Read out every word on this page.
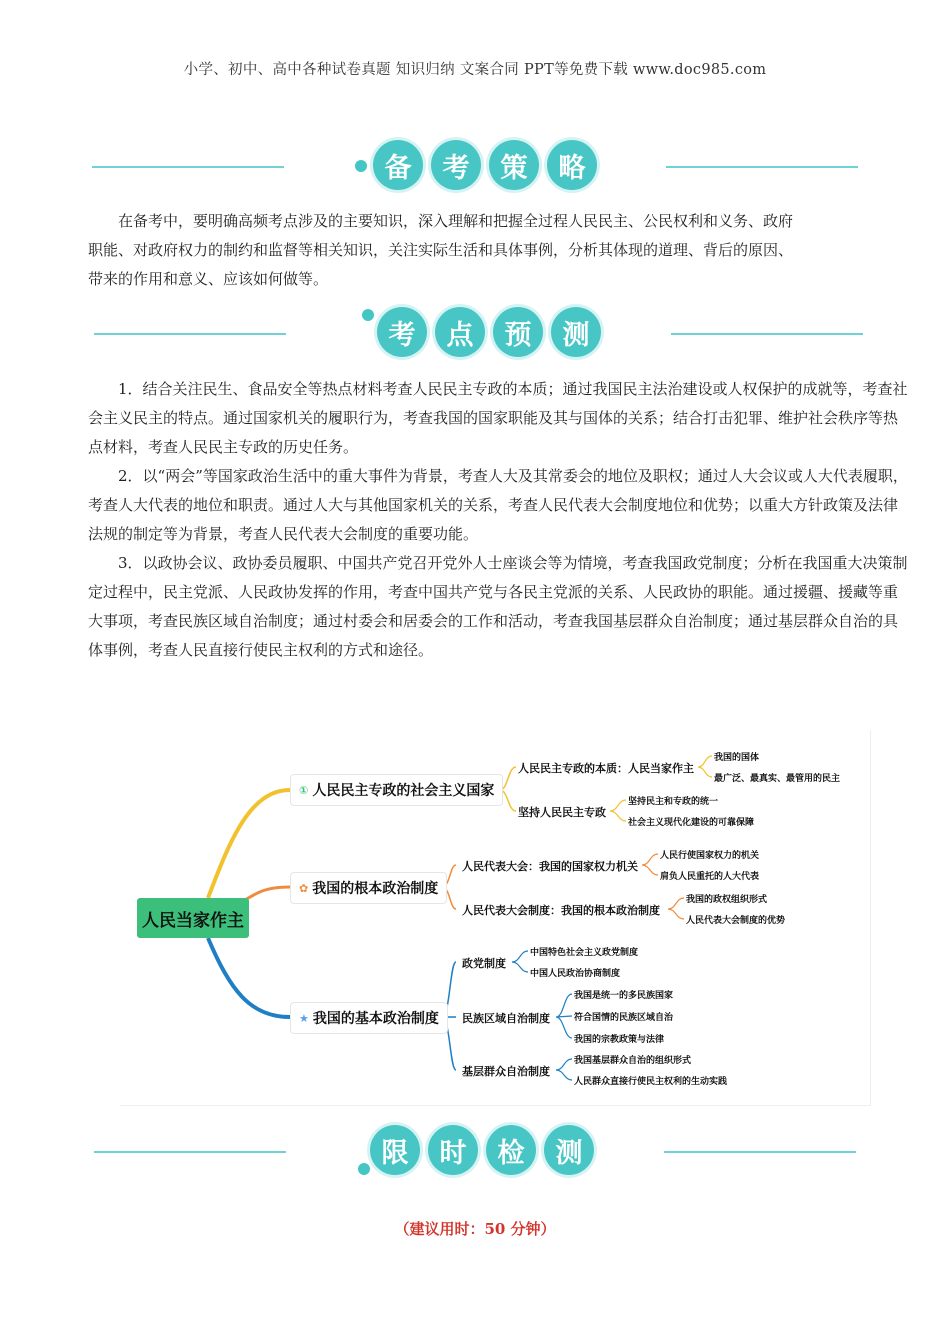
小学、初中、高中各种试卷真题 知识归纳 文案合同 PPT等免费下载 www.doc985.com
备	考	策	略

在备考中，要明确高频考点涉及的主要知识，深入理解和把握全过程人民民主、公民权利和义务、政府职能、对政府权力的制约和监督等相关知识，关注实际生活和具体事例，分析其体现的道理、背后的原因、带来的作用和意义、应该如何做等。

考	点	预	测

1．结合关注民生、食品安全等热点材料考查人民民主专政的本质；通过我国民主法治建设或人权保护的成就等，考查社会主义民主的特点。通过国家机关的履职行为，考查我国的国家职能及其与国体的关系；结合打击犯罪、维护社会秩序等热点材料，考查人民民主专政的历史任务。

2．以“两会”等国家政治生活中的重大事件为背景，考查人大及其常委会的地位及职权；通过人大会议或人大代表履职，考查人大代表的地位和职责。通过人大与其他国家机关的关系，考查人民代表大会制度地位和优势；以重大方针政策及法律法规的制定等为背景，考查人民代表大会制度的重要功能。

3．以政协会议、政协委员履职、中国共产党召开党外人士座谈会等为情境，考查我国政党制度；分析在我国重大决策制定过程中，民主党派、人民政协发挥的作用，考查中国共产党与各民主党派的关系、人民政协的职能。通过援疆、援藏等重大事项，考查民族区域自治制度；通过村委会和居委会的工作和活动，考查我国基层群众自治制度；通过基层群众自治的具体事例，考查人民直接行使民主权利的方式和途径。

人民当家作主
① 人民民主专政的社会主义国家
人民民主专政的本质：人民当家作主
我国的国体
最广泛、最真实、最管用的民主
坚持人民民主专政
坚持民主和专政的统一
社会主义现代化建设的可靠保障
✿ 我国的根本政治制度
人民代表大会：我国的国家权力机关
人民行使国家权力的机关
肩负人民重托的人大代表
人民代表大会制度：我国的根本政治制度
我国的政权组织形式
人民代表大会制度的优势
★ 我国的基本政治制度
政党制度
中国特色社会主义政党制度
中国人民政治协商制度
民族区域自治制度
我国是统一的多民族国家
符合国情的民族区域自治
我国的宗教政策与法律
基层群众自治制度
我国基层群众自治的组织形式
人民群众直接行使民主权利的生动实践
限	时	检	测
（建议用时：50 分钟）
